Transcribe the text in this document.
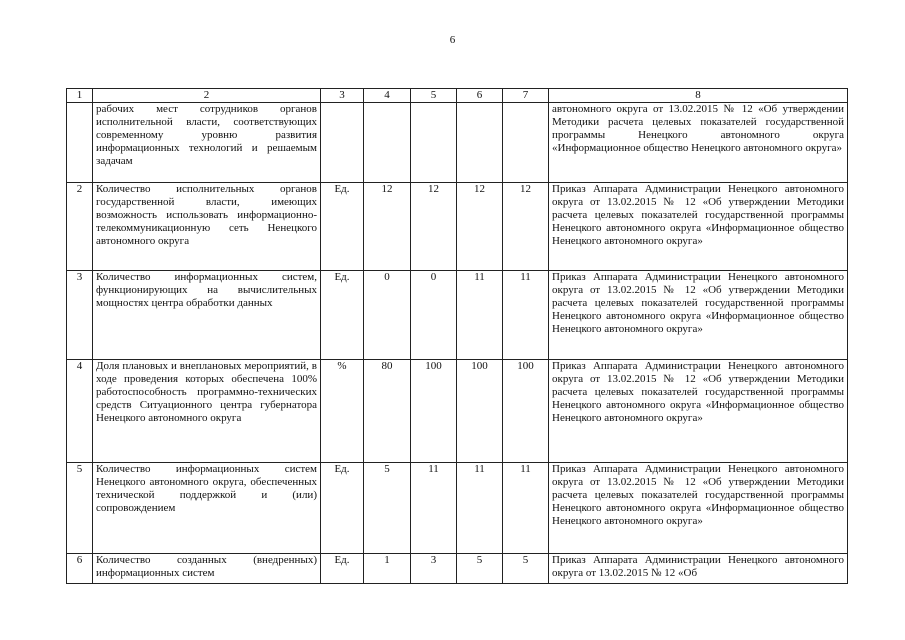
6
1	2	3	4	5	6	7	8
	рабочих мест сотрудников органов исполнительной власти, соответствующих современному уровню развития информационных технологий и решаемым задачам						автономного округа от 13.02.2015 № 12 «Об утверждении Методики расчета целевых показателей государственной программы Ненецкого автономного округа «Информационное общество Ненецкого автономного округа»
2	Количество исполнительных органов государственной власти, имеющих возможность использовать информационно-телекоммуникационную сеть Ненецкого автономного округа	Ед.	12	12	12	12	Приказ Аппарата Администрации Ненецкого автономного округа от 13.02.2015 № 12 «Об утверждении Методики расчета целевых показателей государственной программы Ненецкого автономного округа «Информационное общество Ненецкого автономного округа»
3	Количество информационных систем, функционирующих на вычислительных мощностях центра обработки данных	Ед.	0	0	11	11	Приказ Аппарата Администрации Ненецкого автономного округа от 13.02.2015 № 12 «Об утверждении Методики расчета целевых показателей государственной программы Ненецкого автономного округа «Информационное общество Ненецкого автономного округа»
4	Доля плановых и внеплановых мероприятий, в ходе проведения которых обеспечена 100% работоспособность программно-технических средств Ситуационного центра губернатора Ненецкого автономного округа	%	80	100	100	100	Приказ Аппарата Администрации Ненецкого автономного округа от 13.02.2015 № 12 «Об утверждении Методики расчета целевых показателей государственной программы Ненецкого автономного округа «Информационное общество Ненецкого автономного округа»
5	Количество информационных систем Ненецкого автономного округа, обеспеченных технической поддержкой и (или) сопровождением	Ед.	5	11	11	11	Приказ Аппарата Администрации Ненецкого автономного округа от 13.02.2015 № 12 «Об утверждении Методики расчета целевых показателей государственной программы Ненецкого автономного округа «Информационное общество Ненецкого автономного округа»
6	Количество созданных (внедренных) информационных систем	Ед.	1	3	5	5	Приказ Аппарата Администрации Ненецкого автономного округа от 13.02.2015 № 12 «Об
